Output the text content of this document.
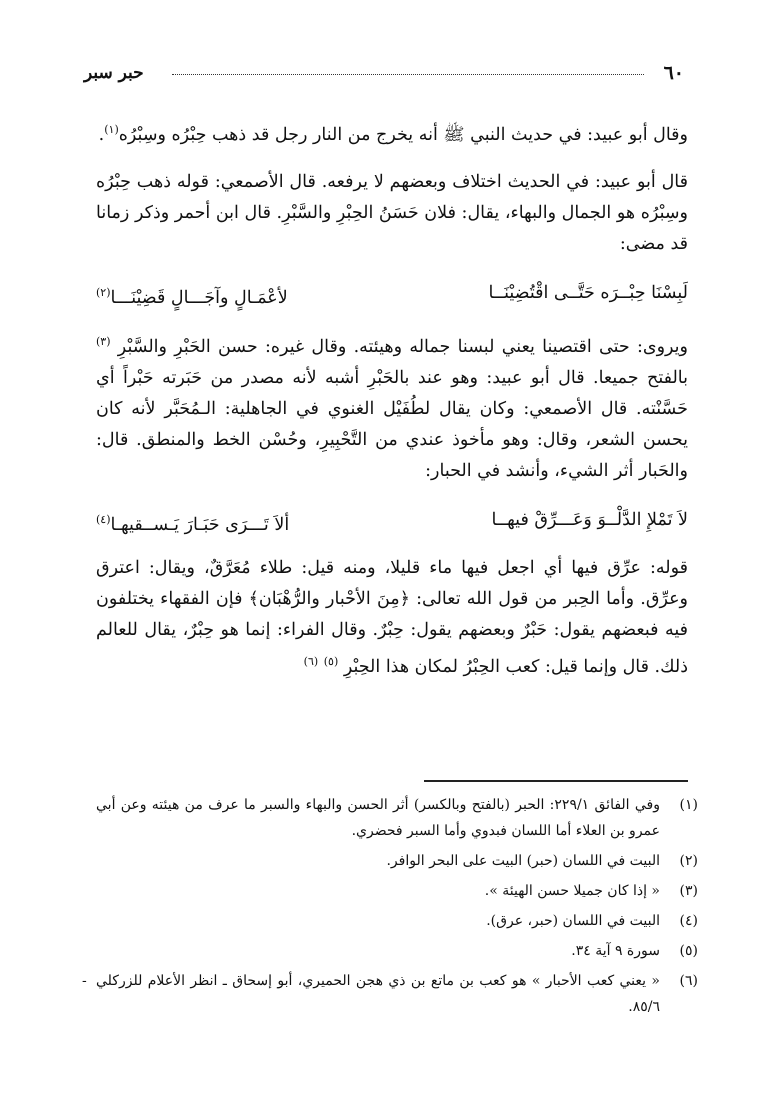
٦٠
حبر سبر

وقال أبو عبيد: في حديث النبي ﷺ أنه يخرج من النار رجل قد ذهب حِبْرُه وسِبْرُه$^{(١)}$.

قال أبو عبيد: في الحديث اختلاف وبعضهم لا يرفعه. قال الأصمعي: قوله ذهب حِبْرُه وسِبْرُه هو الجمال والبهاء، يقال: فلان حَسَنُ الحِبْرِ والسَّبْرِ. قال ابن أحمر وذكر زمانا قد مضى:

لَبِسْنَا حِبْــرَه حَتَّــى اقْتُضِيْنَــا
لأعْمَـالٍ وآجَـــالٍ قَضِيْنَـــا$^{(٢)}$

ويروى: حتى اقتصينا يعني لبسنا جماله وهيئته. وقال غيره: حسن الحَبْرِ والسَّبْرِ $^{(٣)}$ بالفتح جميعا. قال أبو عبيد: وهو عند بالحَبْرِ أشبه لأنه مصدر من حَبَرته حَبْراً أي حَسَّنْته. قال الأصمعي: وكان يقال لطُفَيْل الغنوي في الجاهلية: الـمُحَبَّر لأنه كان يحسن الشعر، وقال: وهو مأخوذ عندي من التَّحْبِيرِ، وحُسْن الخط والمنطق. قال: والحَبار أثر الشيء، وأنشد في الحبار:

لاَ تَمْلإِ الدَّلْــوَ وَعَـــرِّقْ فيهــا
ألاَ تَـــرَى حَبَـارَ يَـســقيهـا$^{(٤)}$

قوله: عرِّق فيها أي اجعل فيها ماء قليلا، ومنه قيل: طلاء مُعَرَّقٌ، ويقال: اعترق وعرِّق. وأما الحِبر من قول الله تعالى: ﴿مِنَ الأحْبار والرُّهْبَان﴾ فإن الفقهاء يختلفون فيه فبعضهم يقول: حَبْرٌ وبعضهم يقول: حِبْرٌ. وقال الفراء: إنما هو حِبْرٌ، يقال للعالم ذلك. قال وإنما قيل: كعب الحِبْرُ لمكان هذا الحِبْرِ $^{(٥)}$ $^{(٦)}$

(١)
وفي الفائق ٢٢٩/١: الحبر (بالفتح وبالكسر) أثر الحسن والبهاء والسبر ما عرف من هيئته وعن أبي عمرو بن العلاء أما اللسان فبدوي وأما السبر فحضري.
(٢)
البيت في اللسان (حبر) البيت على البحر الوافر.
(٣)
« إذا كان جميلا حسن الهيئة ».
(٤)
البيت في اللسان (حبر، عرق).
(٥)
سورة ٩ آية ٣٤.
-	(٦)
« يعني كعب الأحبار » هو كعب بن ماتع بن ذي هجن الحميري، أبو إسحاق ـ انظر الأعلام للزركلي ٨٥/٦.
